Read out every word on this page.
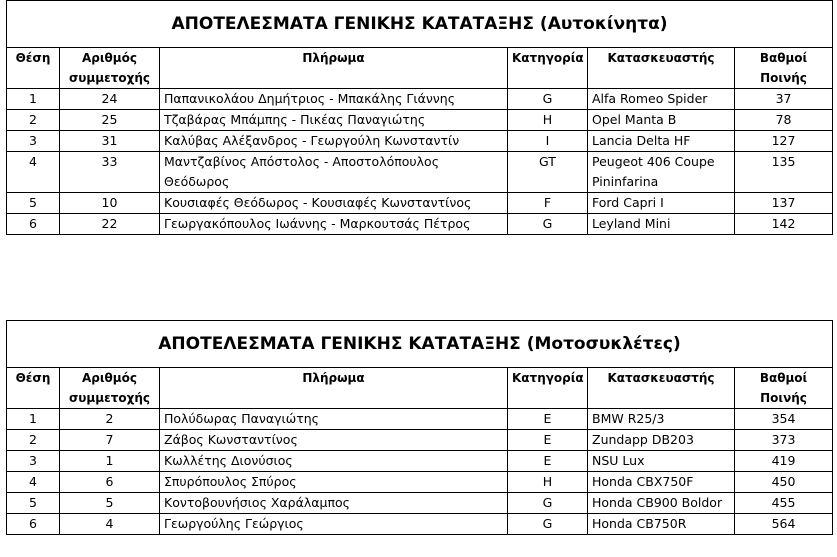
ΑΠΟΤΕΛΕΣΜΑΤΑ ΓΕΝΙΚΗΣ ΚΑΤΑΤΑΞΗΣ (Αυτοκίνητα)					
Θέση	Αριθμός συμμετοχής	Πλήρωμα	Κατηγορία	Κατασκευαστής	Βαθμοί Ποινής
1	24	Παπανικολάου Δημήτριος - Μπακάλης Γιάννης	G	Alfa Romeo Spider	37
2	25	Τζαβάρας Μπάμπης - Πικέας Παναγιώτης	H	Opel Manta B	78
3	31	Καλύβας Αλέξανδρος - Γεωργούλη Κωνσταντίν	I	Lancia Delta HF	127
4	33	Μαντζαβίνος Απόστολος - Αποστολόπουλος Θεόδωρος	GT	Peugeot 406 Coupe Pininfarina	135
5	10	Κουσιαφές Θεόδωρος - Κουσιαφές Κωνσταντίνος	F	Ford Capri I	137
6	22	Γεωργακόπουλος Ιωάννης - Μαρκουτσάς Πέτρος	G	Leyland Mini	142
ΑΠΟΤΕΛΕΣΜΑΤΑ ΓΕΝΙΚΗΣ ΚΑΤΑΤΑΞΗΣ (Μοτοσυκλέτες)					
Θέση	Αριθμός συμμετοχής	Πλήρωμα	Κατηγορία	Κατασκευαστής	Βαθμοί Ποινής
1	2	Πολύδωρας Παναγιώτης	E	BMW R25/3	354
2	7	Ζάβος Κωνσταντίνος	E	Zundapp DB203	373
3	1	Κωλλέτης Διονύσιος	E	NSU Lux	419
4	6	Σπυρόπουλος Σπύρος	H	Honda CBX750F	450
5	5	Κοντοβουνήσιος Χαράλαμπος	G	Honda CB900 Boldor	455
6	4	Γεωργούλης Γεώργιος	G	Honda CB750R	564
